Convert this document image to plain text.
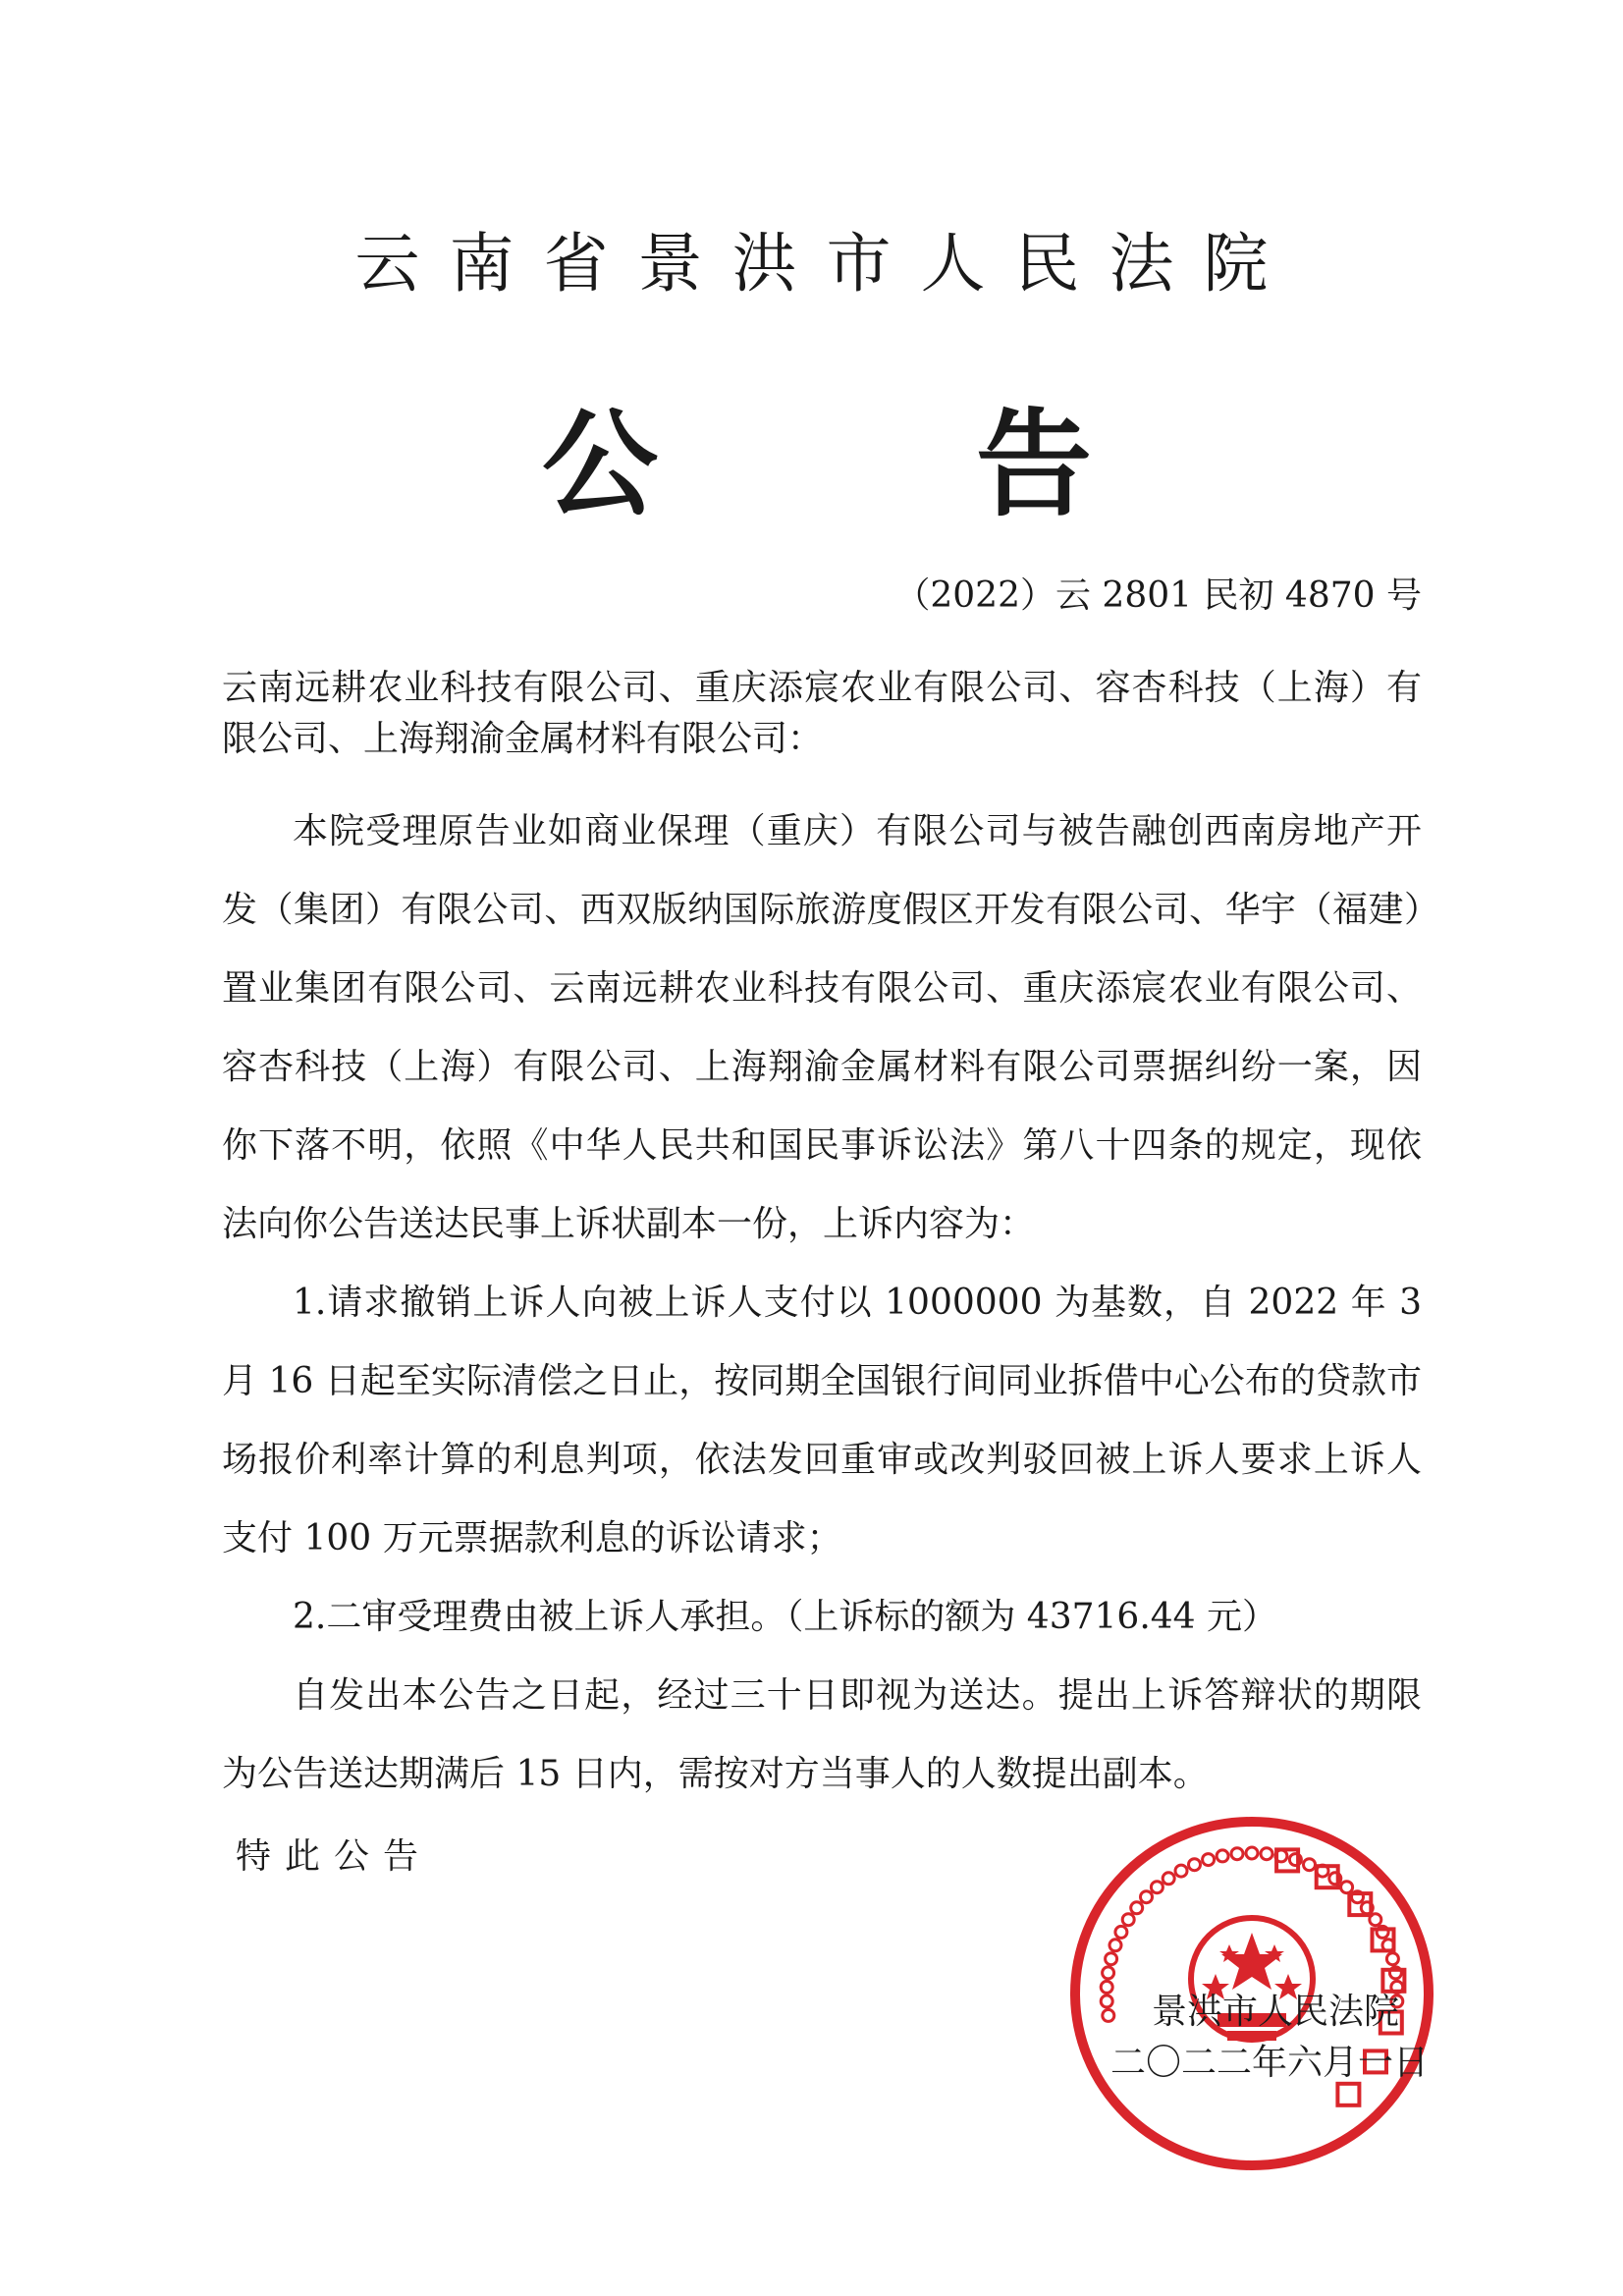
云南省景洪市人民法院
公	告
（2022）云 2801 民初 4870 号

云南远耕农业科技有限公司、重庆添宸农业有限公司、容杏科技（上海）有限公司、上海翔渝金属材料有限公司：

本院受理原告业如商业保理（重庆）有限公司与被告融创西南房地产开发（集团）有限公司、西双版纳国际旅游度假区开发有限公司、华宇（福建）置业集团有限公司、云南远耕农业科技有限公司、重庆添宸农业有限公司、容杏科技（上海）有限公司、上海翔渝金属材料有限公司票据纠纷一案，因你下落不明，依照《中华人民共和国民事诉讼法》第八十四条的规定，现依法向你公告送达民事上诉状副本一份，上诉内容为：

1.请求撤销上诉人向被上诉人支付以 1000000 为基数，自 2022 年 3 月 16 日起至实际清偿之日止，按同期全国银行间同业拆借中心公布的贷款市场报价利率计算的利息判项，依法发回重审或改判驳回被上诉人要求上诉人支付 100 万元票据款利息的诉讼请求；

2.二审受理费由被上诉人承担。（上诉标的额为 43716.44 元）

自发出本公告之日起，经过三十日即视为送达。提出上诉答辩状的期限为公告送达期满后 15 日内，需按对方当事人的人数提出副本。

特此公告
景洪市人民法院
二〇二二年六月一日
